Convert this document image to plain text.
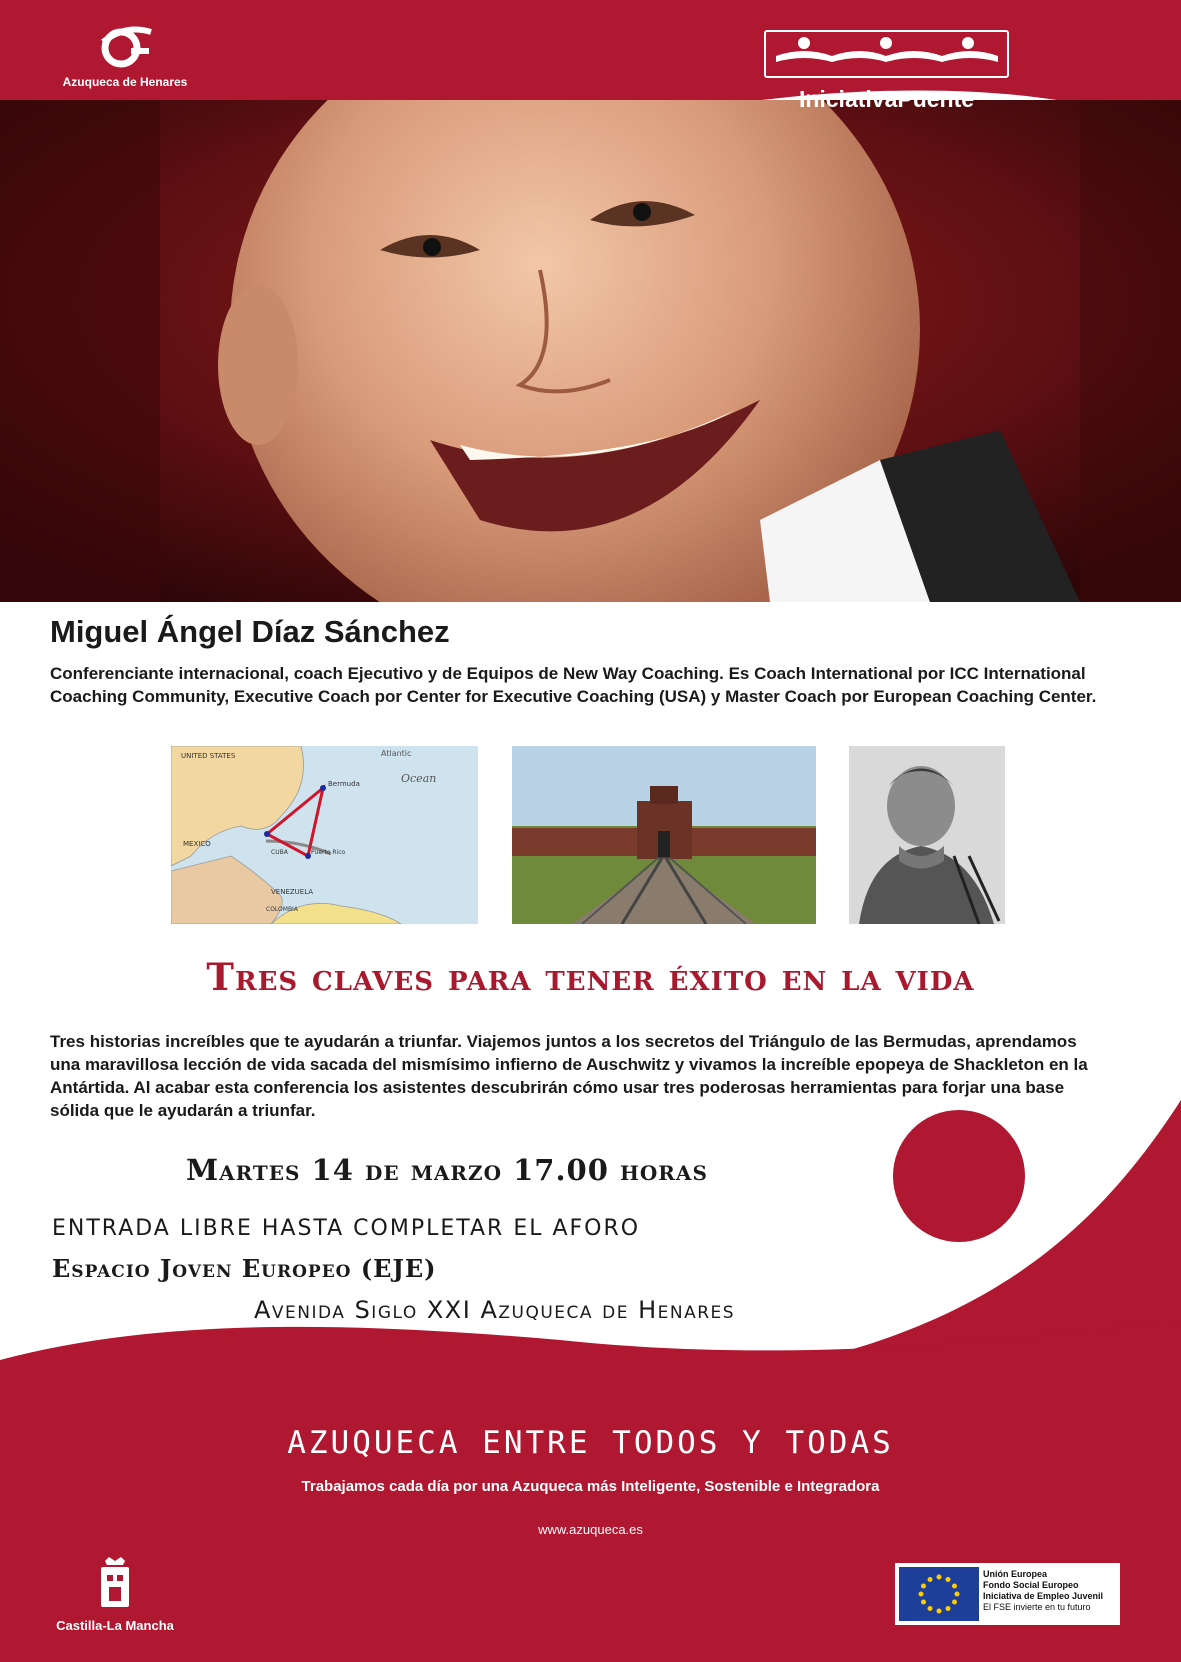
Azuqueca de Henares
IniciativaPuente
Miguel Ángel Díaz Sánchez
Conferenciante internacional, coach Ejecutivo y de Equipos de New Way Coaching. Es Coach International por ICC International Coaching Community, Executive Coach por Center for Executive Coaching (USA) y Master Coach por European Coaching Center.
UNITED STATES	Atlantic
Ocean
Bermuda
MEXICO
VENEZUELA
COLOMBIA
Puerto Rico
CUBA
Tres claves para tener éxito en la vida
Tres historias increíbles que te ayudarán a triunfar. Viajemos juntos a los secretos del Triángulo de las Bermudas, aprendamos una maravillosa lección de vida sacada del mismísimo infierno de Auschwitz y vivamos la increíble epopeya de Shackleton en la Antártida. Al acabar esta conferencia los asistentes descubrirán cómo usar tres poderosas herramientas para forjar una base sólida que le ayudarán a triunfar.
Martes 14 de marzo 17.00 horas
ENTRADA LIBRE HASTA COMPLETAR EL AFORO
Espacio Joven Europeo (EJE)
Avenida Siglo XXI Azuqueca de Henares
AZUQUECA ENTRE TODOS Y TODAS
Trabajamos cada día por una Azuqueca más Inteligente, Sostenible e Integradora
www.azuqueca.es
Castilla-La Mancha
Unión Europea
Fondo Social Europeo
Iniciativa de Empleo Juvenil
El FSE invierte en tu futuro
